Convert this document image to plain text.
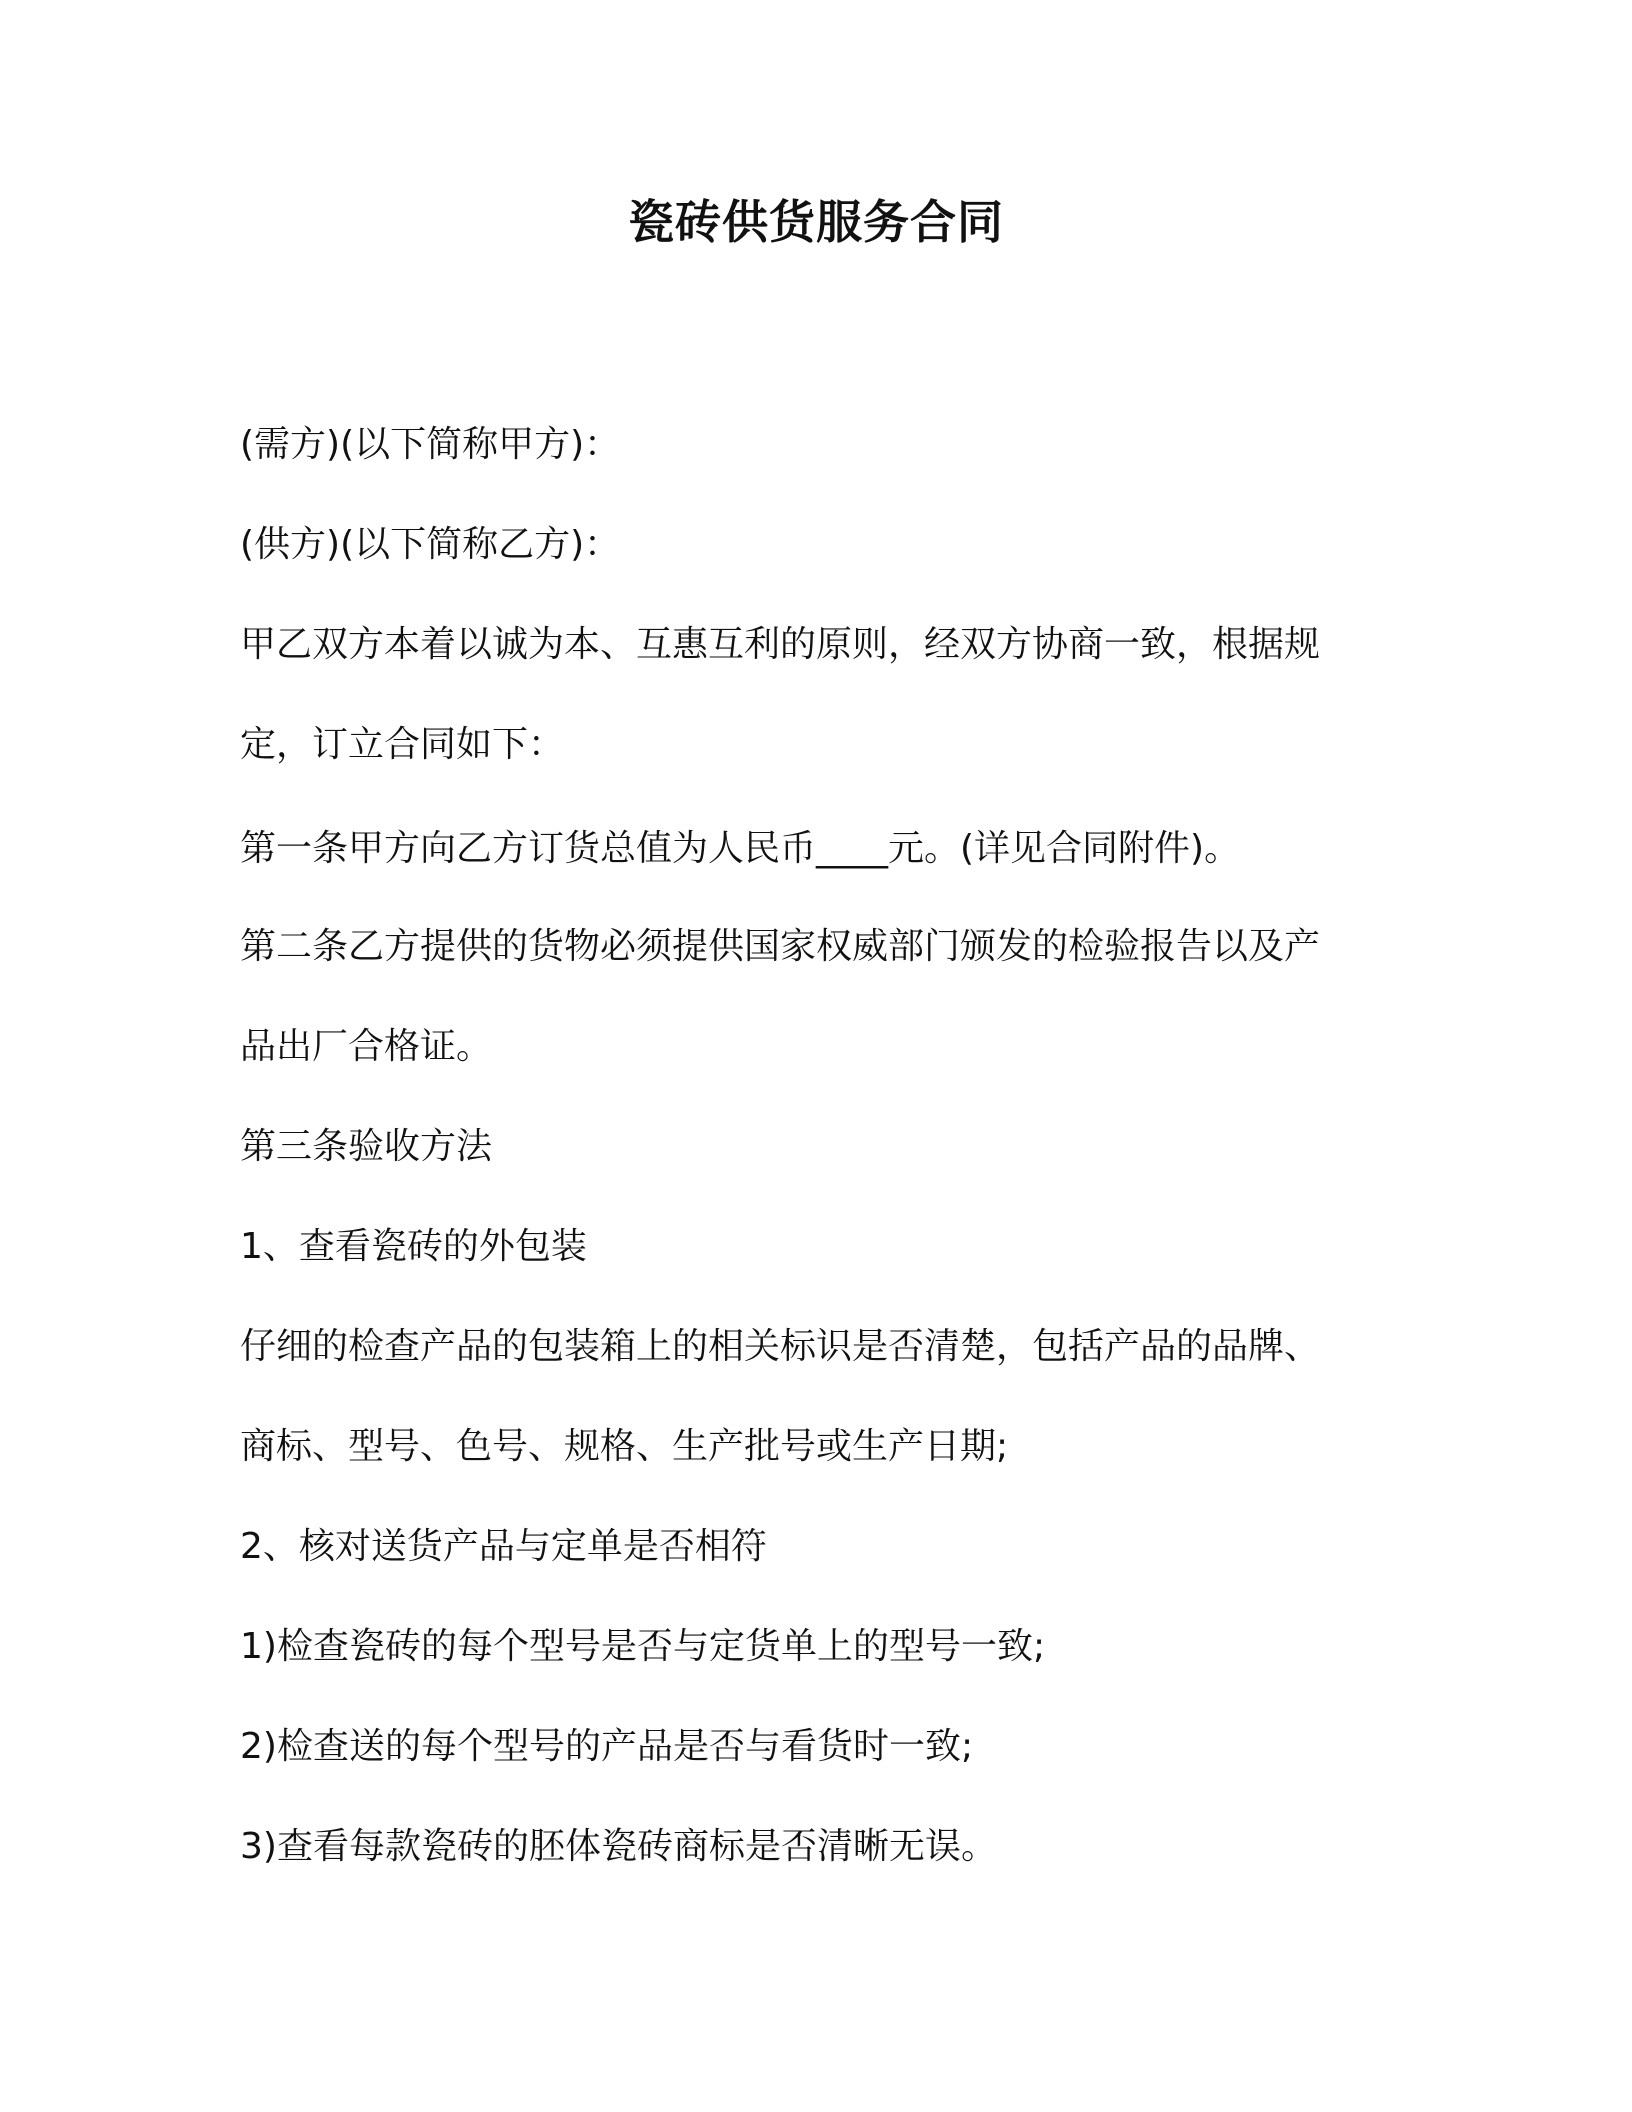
瓷砖供货服务合同
(需方)(以下简称甲方)：
(供方)(以下简称乙方)：
甲乙双方本着以诚为本、互惠互利的原则，经双方协商一致，根据规
定，订立合同如下：
第一条甲方向乙方订货总值为人民币____元。(详见合同附件)。
第二条乙方提供的货物必须提供国家权威部门颁发的检验报告以及产
品出厂合格证。
第三条验收方法
1、查看瓷砖的外包装
仔细的检查产品的包装箱上的相关标识是否清楚，包括产品的品牌、
商标、型号、色号、规格、生产批号或生产日期;
2、核对送货产品与定单是否相符
1)检查瓷砖的每个型号是否与定货单上的型号一致;
2)检查送的每个型号的产品是否与看货时一致;
3)查看每款瓷砖的胚体瓷砖商标是否清晰无误。
